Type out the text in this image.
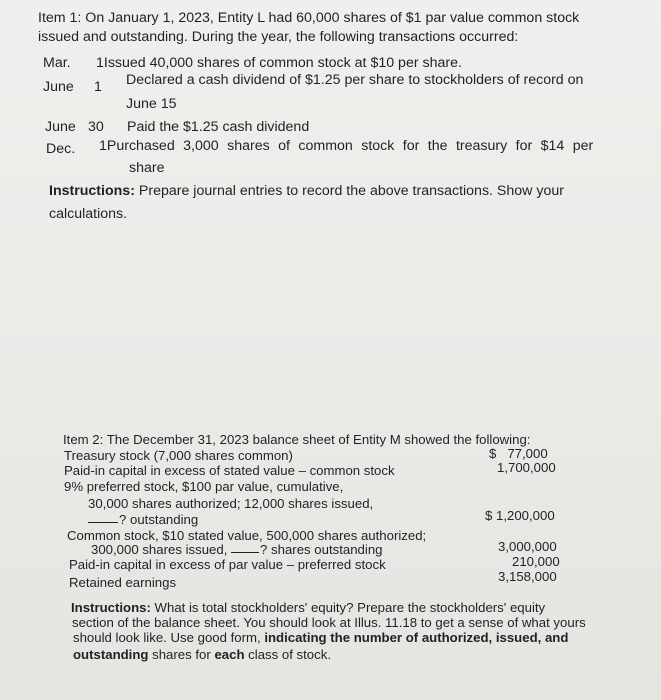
Item 1: On January 1, 2023, Entity L had 60,000 shares of $1 par value common stock
issued and outstanding. During the year, the following transactions occurred:
Mar. 1Issued 40,000 shares of common stock at $10 per share.
June 1 Declared a cash dividend of $1.25 per share to stockholders of record on
June 15
June 30 Paid the $1.25 cash dividend
Dec. 1Purchased 3,000 shares of common stock for the treasury for $14 per
share
Instructions: Prepare journal entries to record the above transactions. Show your
calculations.
Item 2: The December 31, 2023 balance sheet of Entity M showed the following:
Treasury stock (7,000 shares common)	$   77,000
Paid-in capital in excess of stated value – common stock	1,700,000
9% preferred stock, $100 par value, cumulative,
30,000 shares authorized; 12,000 shares issued,
? outstanding	$ 1,200,000
Common stock, $10 stated value, 500,000 shares authorized;
300,000 shares issued, ? shares outstanding	3,000,000
Paid-in capital in excess of par value – preferred stock	210,000
Retained earnings	3,158,000
Instructions: What is total stockholders' equity? Prepare the stockholders' equity
section of the balance sheet. You should look at Illus. 11.18 to get a sense of what yours
should look like. Use good form, indicating the number of authorized, issued, and
outstanding shares for each class of stock.
